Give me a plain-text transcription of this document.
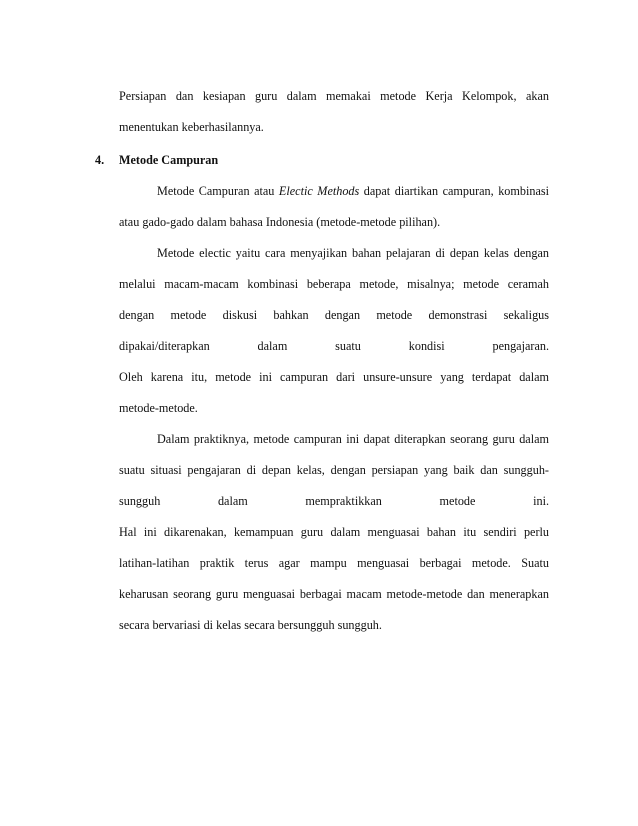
Persiapan dan kesiapan guru dalam memakai metode Kerja Kelompok, akan
menentukan keberhasilannya.
4. Metode Campuran
Metode Campuran atau Electic Methods dapat diartikan campuran, kombinasi
atau gado-gado dalam bahasa Indonesia (metode-metode pilihan).
Metode electic yaitu cara menyajikan bahan pelajaran di depan kelas dengan
melalui macam-macam kombinasi beberapa metode, misalnya; metode ceramah
dengan metode diskusi bahkan dengan metode demonstrasi sekaligus
dipakai/diterapkan dalam suatu kondisi pengajaran.
Oleh karena itu, metode ini campuran dari unsure-unsure yang terdapat dalam
metode-metode.
Dalam praktiknya, metode campuran ini dapat diterapkan seorang guru dalam
suatu situasi pengajaran di depan kelas, dengan persiapan yang baik dan sungguh-
sungguh dalam mempraktikkan metode ini.
Hal ini dikarenakan, kemampuan guru dalam menguasai bahan itu sendiri perlu
latihan-latihan praktik terus agar mampu menguasai berbagai metode. Suatu
keharusan seorang guru menguasai berbagai macam metode-metode dan menerapkan
secara bervariasi di kelas secara bersungguh sungguh.
